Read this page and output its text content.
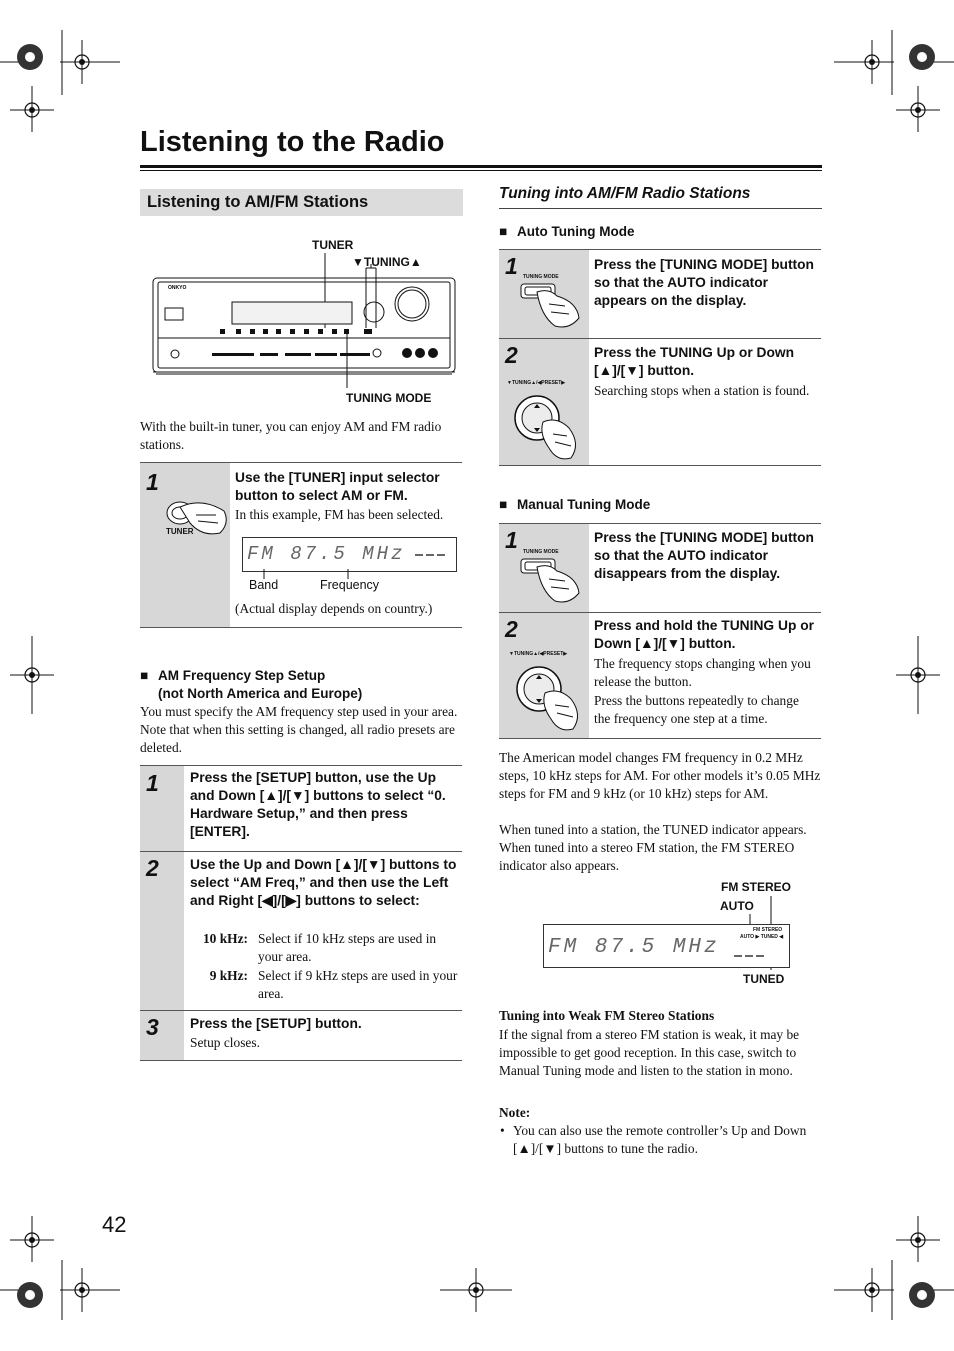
Listening to the Radio
Listening to AM/FM Stations
TUNER
▼TUNING▲
TUNING MODE
ONKYO
With the built-in tuner, you can enjoy AM and FM radio stations.
1
TUNER
Use the [TUNER] input selector button to select AM or FM.
In this example, FM has been selected.
FM 87.5 MHz
Band	Frequency
(Actual display depends on country.)
■ AM Frequency Step Setup
(not North America and Europe)
You must specify the AM frequency step used in your area. Note that when this setting is changed, all radio presets are deleted.
1 Press the [SETUP] button, use the Up and Down [▲]/[▼] buttons to select “0. Hardware Setup,” and then press [ENTER].
2 Use the Up and Down [▲]/[▼] buttons to select “AM Freq,” and then use the Left and Right [◀]/[▶] buttons to select:
10 kHz: Select if 10 kHz steps are used in your area.
9 kHz: Select if 9 kHz steps are used in your area.
3 Press the [SETUP] button.
Setup closes.
Tuning into AM/FM Radio Stations
■ Auto Tuning Mode
1 TUNING MODE
Press the [TUNING MODE] button so that the AUTO indicator appears on the display.
2
▼TUNING▲/◀PRESET▶
Press the TUNING Up or Down [▲]/[▼] button.
Searching stops when a station is found.
■ Manual Tuning Mode
1 TUNING MODE
Press the [TUNING MODE] button so that the AUTO indicator disappears from the display.
2
▼TUNING▲/◀PRESET▶
Press and hold the TUNING Up or Down [▲]/[▼] button.
The frequency stops changing when you release the button.
Press the buttons repeatedly to change the frequency one step at a time.
The American model changes FM frequency in 0.2 MHz steps, 10 kHz steps for AM. For other models it’s 0.05 MHz steps for FM and 9 kHz (or 10 kHz) steps for AM.
When tuned into a station, the TUNED indicator appears. When tuned into a stereo FM station, the FM STEREO indicator also appears.
FM STEREO
AUTO
TUNED
FM 87.5 MHz
FM STEREO
AUTO ▶ TUNED ◀
Tuning into Weak FM Stereo Stations
If the signal from a stereo FM station is weak, it may be impossible to get good reception. In this case, switch to Manual Tuning mode and listen to the station in mono.
Note:
• You can also use the remote controller’s Up and Down [▲]/[▼] buttons to tune the radio.
42
